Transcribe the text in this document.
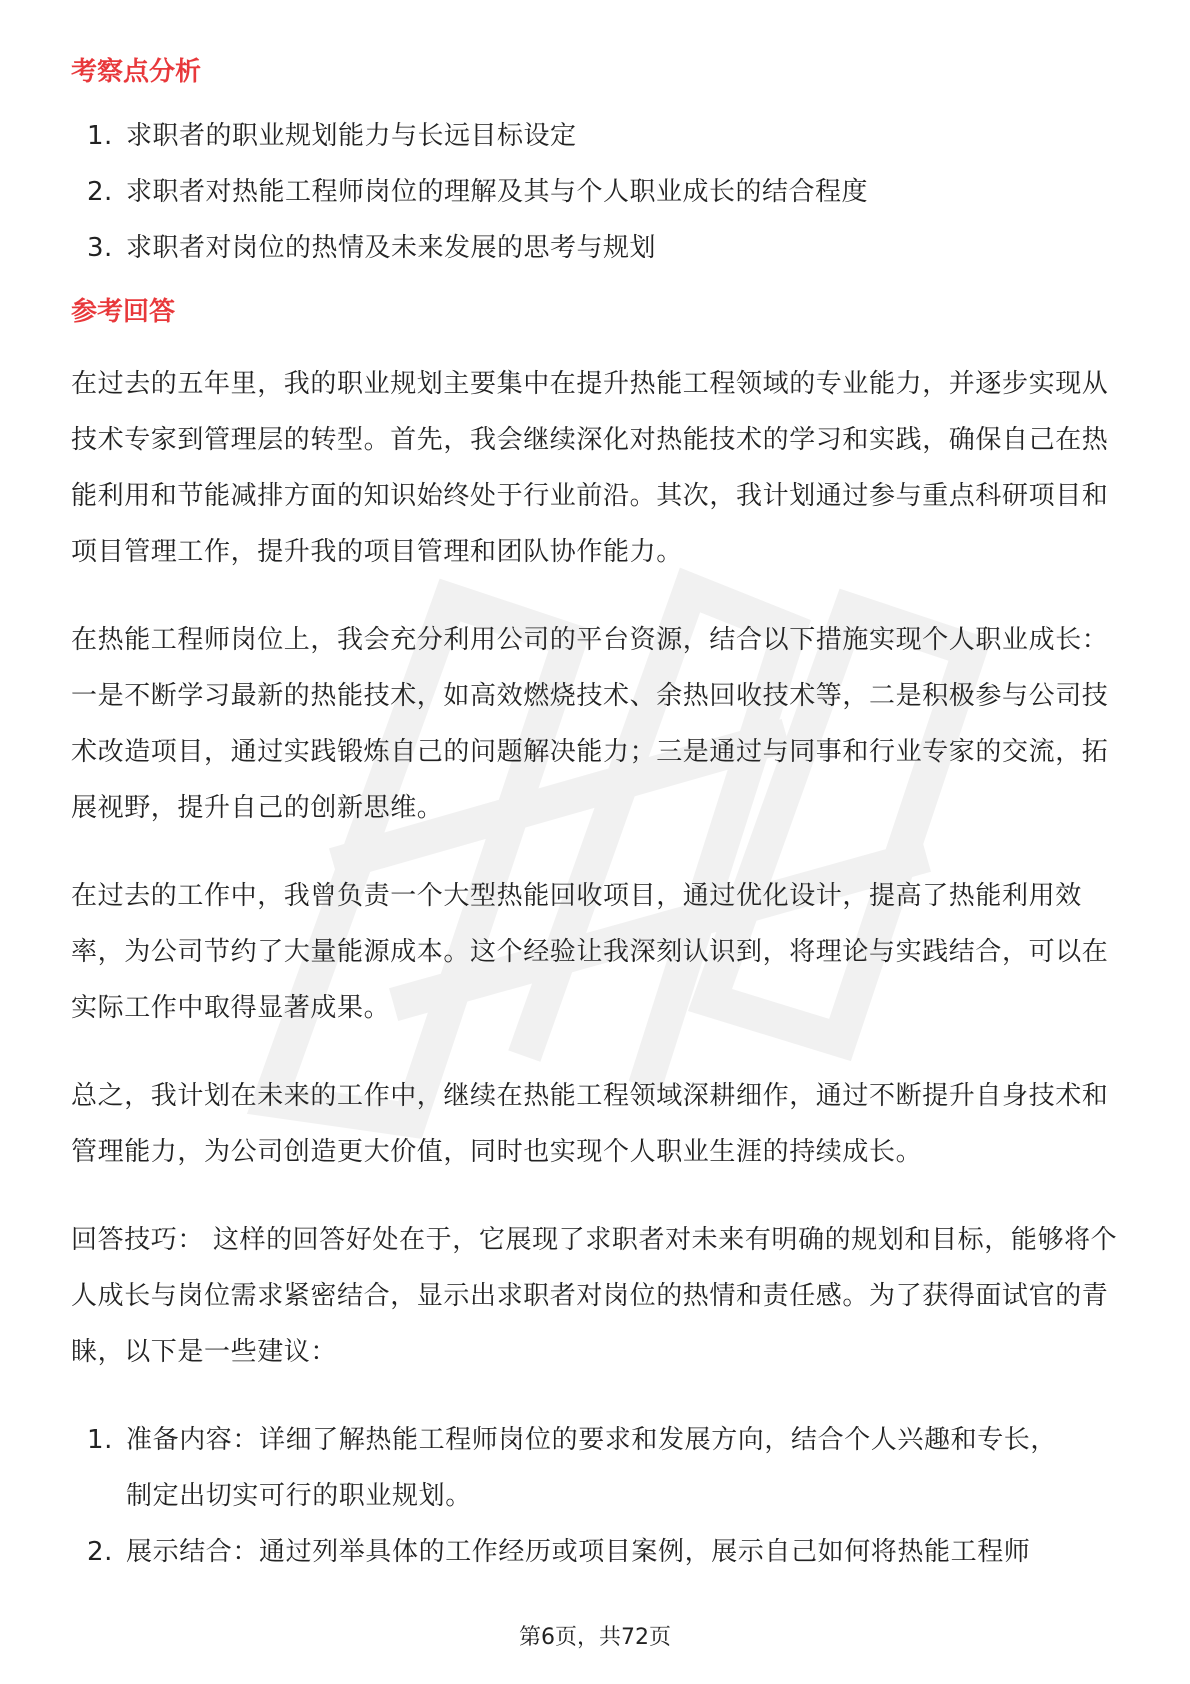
考察点分析
1. 求职者的职业规划能力与长远目标设定
2. 求职者对热能工程师岗位的理解及其与个人职业成长的结合程度
3. 求职者对岗位的热情及未来发展的思考与规划
参考回答

在过去的五年里，我的职业规划主要集中在提升热能工程领域的专业能力，并逐步实现从技术专家到管理层的转型。首先，我会继续深化对热能技术的学习和实践，确保自己在热能利用和节能减排方面的知识始终处于行业前沿。其次，我计划通过参与重点科研项目和项目管理工作，提升我的项目管理和团队协作能力。

在热能工程师岗位上，我会充分利用公司的平台资源，结合以下措施实现个人职业成长：一是不断学习最新的热能技术，如高效燃烧技术、余热回收技术等，二是积极参与公司技术改造项目，通过实践锻炼自己的问题解决能力；三是通过与同事和行业专家的交流，拓展视野，提升自己的创新思维。

在过去的工作中，我曾负责一个大型热能回收项目，通过优化设计，提高了热能利用效率，为公司节约了大量能源成本。这个经验让我深刻认识到，将理论与实践结合，可以在实际工作中取得显著成果。

总之，我计划在未来的工作中，继续在热能工程领域深耕细作，通过不断提升自身技术和管理能力，为公司创造更大价值，同时也实现个人职业生涯的持续成长。

回答技巧： 这样的回答好处在于，它展现了求职者对未来有明确的规划和目标，能够将个人成长与岗位需求紧密结合，显示出求职者对岗位的热情和责任感。为了获得面试官的青睐，以下是一些建议：

1. 准备内容：详细了解热能工程师岗位的要求和发展方向，结合个人兴趣和专长，制定出切实可行的职业规划。
2. 展示结合：通过列举具体的工作经历或项目案例，展示自己如何将热能工程师
第6页，共72页
